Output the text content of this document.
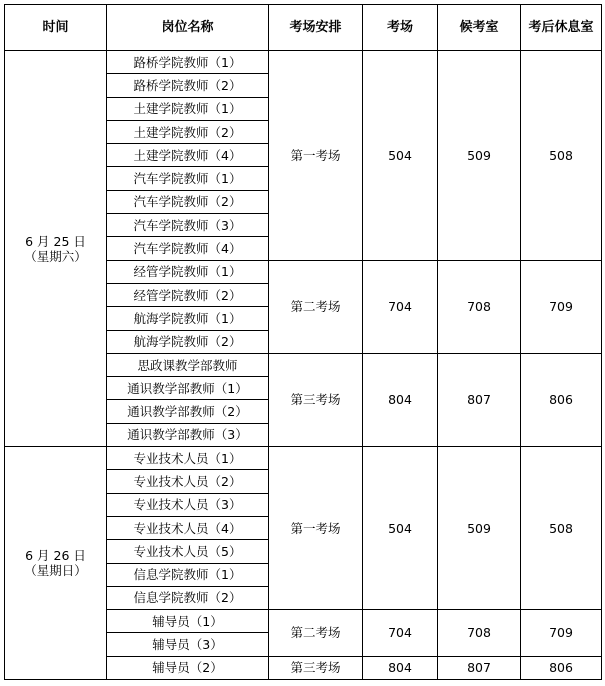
时间	岗位名称	考场安排	考场	候考室	考后休息室

6 月 25 日
（星期六）	路桥学院教师（1）	第一考场	504	509	508
	路桥学院教师（2）				
	土建学院教师（1）				
	土建学院教师（2）				
	土建学院教师（4）				
	汽车学院教师（1）				
	汽车学院教师（2）				
	汽车学院教师（3）				
	汽车学院教师（4）				
	经管学院教师（1）	第二考场	704	708	709
	经管学院教师（2）				
	航海学院教师（1）				
	航海学院教师（2）				
	思政课教学部教师	第三考场	804	807	806
	通识教学部教师（1）				
	通识教学部教师（2）				
	通识教学部教师（3）				

6 月 26 日
（星期日）	专业技术人员（1）	第一考场	504	509	508
	专业技术人员（2）				
	专业技术人员（3）				
	专业技术人员（4）				
	专业技术人员（5）				
	信息学院教师（1）				
	信息学院教师（2）				
	辅导员（1）	第二考场	704	708	709
	辅导员（3）				
	辅导员（2）	第三考场	804	807	806
